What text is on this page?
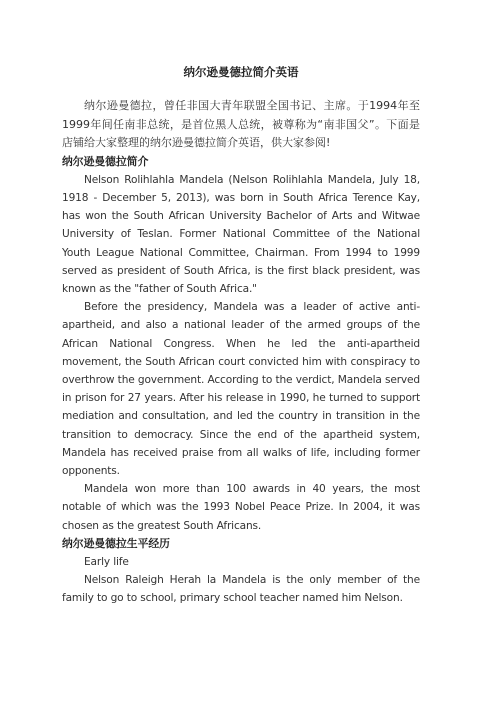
纳尔逊曼德拉简介英语

纳尔逊曼德拉，曾任非国大青年联盟全国书记、主席。于1994年至1999年间任南非总统，是首位黑人总统，被尊称为“南非国父”。下面是店铺给大家整理的纳尔逊曼德拉简介英语，供大家参阅!

纳尔逊曼德拉简介

Nelson Rolihlahla Mandela (Nelson Rolihlahla Mandela, July 18, 1918 - December 5, 2013), was born in South Africa Terence Kay, has won the South African University Bachelor of Arts and Witwae University of Teslan. Former National Committee of the National Youth League National Committee, Chairman. From 1994 to 1999 served as president of South Africa, is the first black president, was known as the "father of South Africa."

Before the presidency, Mandela was a leader of active anti-apartheid, and also a national leader of the armed groups of the African National Congress. When he led the anti-apartheid movement, the South African court convicted him with conspiracy to overthrow the government. According to the verdict, Mandela served in prison for 27 years. After his release in 1990, he turned to support mediation and consultation, and led the country in transition in the transition to democracy. Since the end of the apartheid system, Mandela has received praise from all walks of life, including former opponents.

Mandela won more than 100 awards in 40 years, the most notable of which was the 1993 Nobel Peace Prize. In 2004, it was chosen as the greatest South Africans.

纳尔逊曼德拉生平经历

Early life

Nelson Raleigh Herah la Mandela is the only member of the family to go to school, primary school teacher named him Nelson.
